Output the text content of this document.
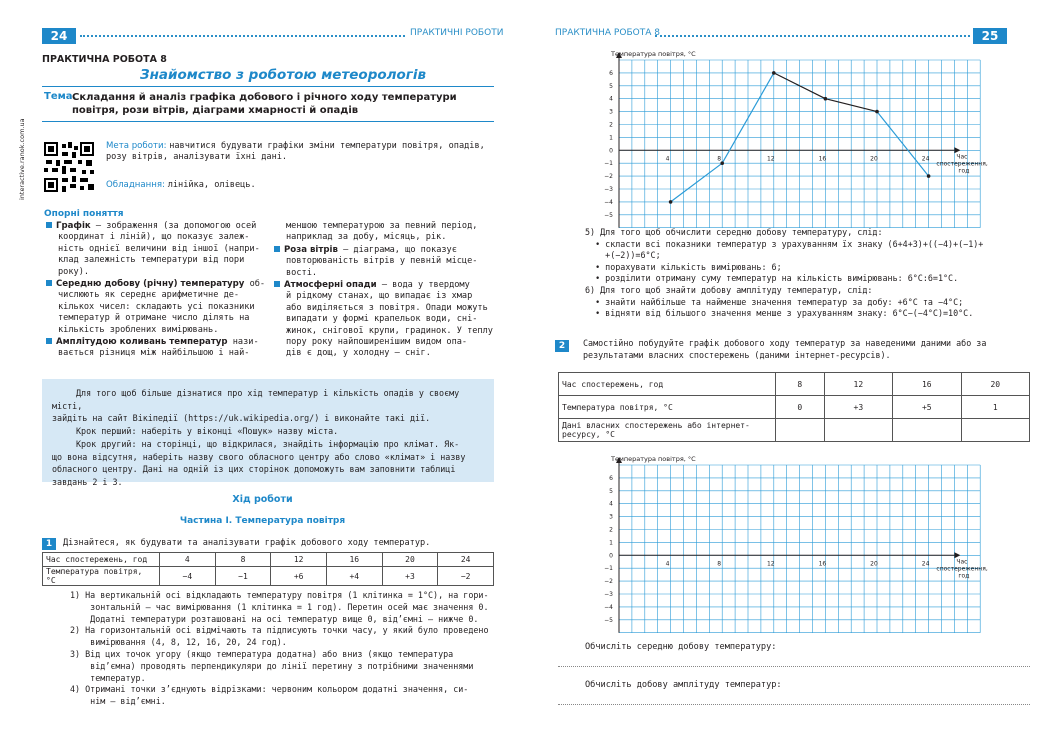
24	ПРАКТИЧНІ РОБОТИ
ПРАКТИЧНА РОБОТА 8
Знайомство з роботою метеорологів
Тема.
Складання й аналіз графіка добового і річного ходу температури
повітря, рози вітрів, діаграми хмарності й опадів
interactive.ranok.com.ua	Мета роботи: навчитися будувати графіки зміни температури повітря, опадів,
розу вітрів, аналізувати їхні дані.
Обладнання: лінійка, олівець.
Опорні поняття
Графік — зображення (за допомогою осей
координат і ліній), що показує залеж-
ність однієї величини від іншої (напри-
клад залежність температури від пори
року).
Середню добову (річну) температуру об-
числюють як середнє арифметичне де-
кількох чисел: складають усі показники
температур й отримане число ділять на
кількість зроблених вимірювань.
Амплітудою коливань температур нази-
вається різниця між найбільшою і най-
меншою температурою за певний період,
наприклад за добу, місяць, рік.
Роза вітрів — діаграма, що показує
повторюваність вітрів у певній місце-
вості.
Атмосферні опади — вода у твердому
й рідкому станах, що випадає із хмар
або виділяється з повітря. Опади можуть
випадати у формі крапельок води, сні-
жинок, снігової крупи, градинок. У теплу
пору року найпоширенішим видом опа-
дів є дощ, у холодну — сніг.
Для того щоб більше дізнатися про хід температур і кількість опадів у своєму місті,
зайдіть на сайт Вікіпедії (https://uk.wikipedia.org/) і виконайте такі дії.
Крок перший: наберіть у віконці «Пошук» назву міста.
Крок другий: на сторінці, що відкрилася, знайдіть інформацію про клімат. Як-
що вона відсутня, наберіть назву свого обласного центру або слово «клімат» і назву
обласного центру. Дані на одній із цих сторінок допоможуть вам заповнити таблиці
завдань 2 і 3.
Хід роботи
Частина І. Температура повітря
1	Дізнайтеся, як будувати та аналізувати графік добового ходу температур.
Час спостережень, год	4	8	12	16	20	24
Температура повітря, °С	−4	−1	+6	+4	+3	−2
1) На вертикальній осі відкладають температуру повітря (1 клітинка = 1°С), на гори-
зонтальній — час вимірювання (1 клітинка = 1 год). Перетин осей має значення 0.
Додатні температури розташовані на осі температур вище 0, від’ємні — нижче 0.
2) На горизонтальній осі відмічають та підписують точки часу, у який було проведено
вимірювання (4, 8, 12, 16, 20, 24 год).
3) Від цих точок угору (якщо температура додатна) або вниз (якщо температура
від’ємна) проводять перпендикуляри до лінії перетину з потрібними значеннями
температур.
4) Отримані точки з’єднують відрізками: червоним кольором додатні значення, си-
нім — від’ємні.
ПРАКТИЧНА РОБОТА 8	25
Температура повітря, °С
6
5
4
3
2
1
0
−1
−2
−3
−4
−5
4	8	12	16	20	24	Час
спостереження,
год
5) Для того щоб обчислити середню добову температуру, слід:
• скласти всі показники температур з урахуванням їх знаку (6+4+3)+((−4)+(−1)+
+(−2))=6°С;
• порахувати кількість вимірювань: 6;
• розділити отриману суму температур на кількість вимірювань: 6°С:6=1°С.
6) Для того щоб знайти добову амплітуду температур, слід:
• знайти найбільше та найменше значення температур за добу: +6°С та −4°С;
• відняти від більшого значення менше з урахуванням знаку: 6°С−(−4°С)=10°С.
2	Самостійно побудуйте графік добового ходу температур за наведеними даними або за
результатами власних спостережень (даними інтернет-ресурсів).
Час спостережень, год	8	12	16	20
Температура повітря, °С	0	+3	+5	1
Дані власних спостережень або інтернет-ресурсу, °С				
Температура повітря, °С
6
5
4
3
2
1
0
−1
−2
−3
−4
−5
4	8	12	16	20	24	Час
спостереження,
год
Обчисліть середню добову температуру:
Обчисліть добову амплітуду температур:
